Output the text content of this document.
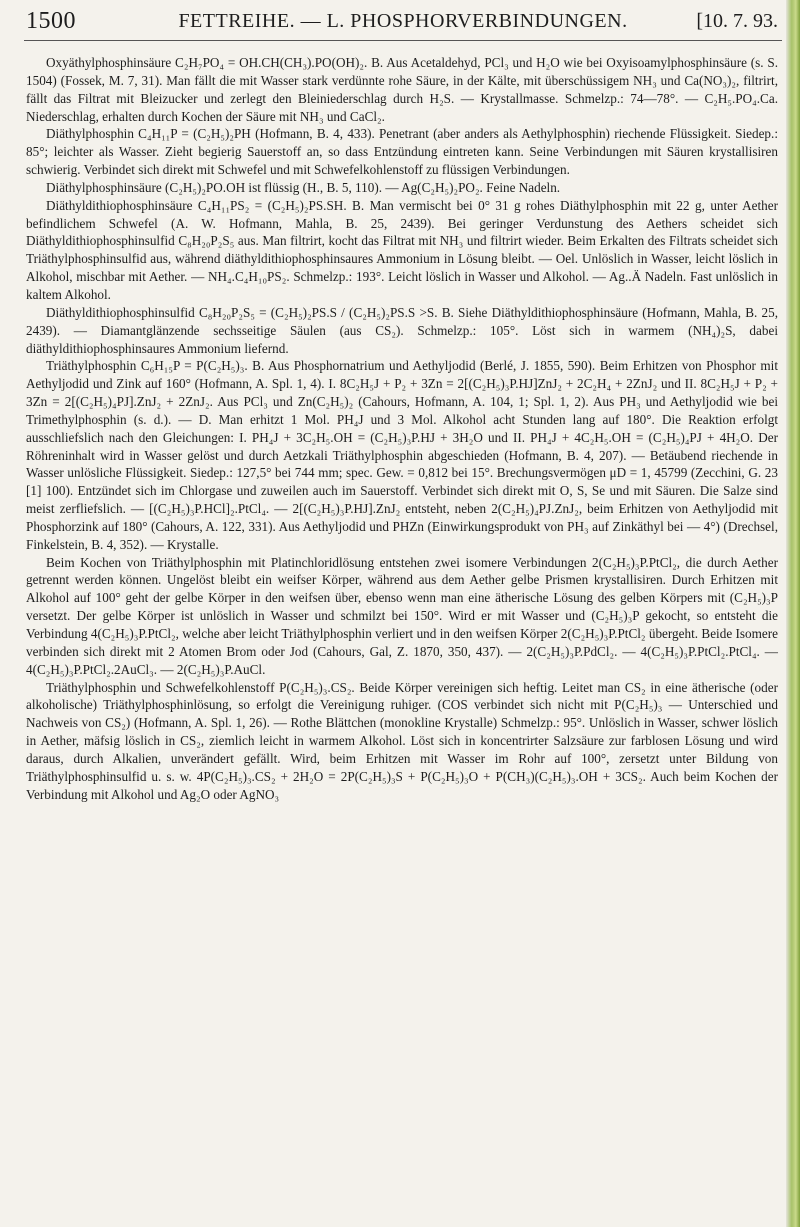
1500	FETTREIHE. — L. PHOSPHORVERBINDUNGEN.	[10. 7. 93.

Oxyäthylphosphinsäure C₂H₇PO₄ = OH.CH(CH₃).PO(OH)₂. B. Aus Acetaldehyd, PCl₃ und H₂O wie bei Oxyisoamylphosphinsäure (s. S. 1504) (Fossek, M. 7, 31). Man fällt die mit Wasser stark verdünnte rohe Säure, in der Kälte, mit überschüssigem NH₃ und Ca(NO₃)₂, filtrirt, fällt das Filtrat mit Bleizucker und zerlegt den Bleiniederschlag durch H₂S. — Krystallmasse. Schmelzp.: 74—78°. — C₂H₅.PO₄.Ca. Niederschlag, erhalten durch Kochen der Säure mit NH₃ und CaCl₂.

Diäthylphosphin C₄H₁₁P = (C₂H₅)₂PH (Hofmann, B. 4, 433). Penetrant (aber anders als Aethylphosphin) riechende Flüssigkeit. Siedep.: 85°; leichter als Wasser. Zieht begierig Sauerstoff an, so dass Entzündung eintreten kann. Seine Verbindungen mit Säuren krystallisiren schwierig. Verbindet sich direkt mit Schwefel und mit Schwefelkohlenstoff zu flüssigen Verbindungen.

Diäthylphosphinsäure (C₂H₅)₂PO.OH ist flüssig (H., B. 5, 110). — Ag(C₂H₅)₂PO₂. Feine Nadeln.

Diäthyldithiophosphinsäure C₄H₁₁PS₂ = (C₂H₅)₂PS.SH. B. Man vermischt bei 0° 31 g rohes Diäthylphosphin mit 22 g, unter Aether befindlichem Schwefel (A. W. Hofmann, Mahla, B. 25, 2439). Bei geringer Verdunstung des Aethers scheidet sich Diäthyldithiophosphinsulfid C₈H₂₀P₂S₅ aus. Man filtrirt, kocht das Filtrat mit NH₃ und filtrirt wieder. Beim Erkalten des Filtrats scheidet sich Triäthylphosphinsulfid aus, während diäthyldithiophosphinsaures Ammonium in Lösung bleibt. — Oel. Unlöslich in Wasser, leicht löslich in Alkohol, mischbar mit Aether. — NH₄.C₄H₁₀PS₂. Schmelzp.: 193°. Leicht löslich in Wasser und Alkohol. — Ag..Ä Nadeln. Fast unlöslich in kaltem Alkohol.

Diäthyldithiophosphinsulfid C₈H₂₀P₂S₅ = (C₂H₅)₂PS.S / (C₂H₅)₂PS.S >S. B. Siehe Diäthyldithiophosphinsäure (Hofmann, Mahla, B. 25, 2439). — Diamantglänzende sechsseitige Säulen (aus CS₂). Schmelzp.: 105°. Löst sich in warmem (NH₄)₂S, dabei diäthyldithiophosphinsaures Ammonium liefernd.

Triäthylphosphin C₆H₁₅P = P(C₂H₅)₃. B. Aus Phosphornatrium und Aethyljodid (Berlé, J. 1855, 590). Beim Erhitzen von Phosphor mit Aethyljodid und Zink auf 160° (Hofmann, A. Spl. 1, 4). I. 8C₂H₅J + P₂ + 3Zn = 2[(C₂H₅)₃P.HJ]ZnJ₂ + 2C₂H₄ + 2ZnJ₂ und II. 8C₂H₅J + P₂ + 3Zn = 2[(C₂H₅)₄PJ].ZnJ₂ + 2ZnJ₂. Aus PCl₃ und Zn(C₂H₅)₂ (Cahours, Hofmann, A. 104, 1; Spl. 1, 2). Aus PH₃ und Aethyljodid wie bei Trimethylphosphin (s. d.). — D. Man erhitzt 1 Mol. PH₄J und 3 Mol. Alkohol acht Stunden lang auf 180°. Die Reaktion erfolgt ausschliefslich nach den Gleichungen: I. PH₄J + 3C₂H₅.OH = (C₂H₅)₃P.HJ + 3H₂O und II. PH₄J + 4C₂H₅.OH = (C₂H₅)₄PJ + 4H₂O. Der Röhreninhalt wird in Wasser gelöst und durch Aetzkali Triäthylphosphin abgeschieden (Hofmann, B. 4, 207). — Betäubend riechende in Wasser unlösliche Flüssigkeit. Siedep.: 127,5° bei 744 mm; spec. Gew. = 0,812 bei 15°. Brechungsvermögen μD = 1, 45799 (Zecchini, G. 23 [1] 100). Entzündet sich im Chlorgase und zuweilen auch im Sauerstoff. Verbindet sich direkt mit O, S, Se und mit Säuren. Die Salze sind meist zerfliefslich. — [(C₂H₅)₃P.HCl]₂.PtCl₄. — 2[(C₂H₅)₃P.HJ].ZnJ₂ entsteht, neben 2(C₂H₅)₄PJ.ZnJ₂, beim Erhitzen von Aethyljodid mit Phosphorzink auf 180° (Cahours, A. 122, 331). Aus Aethyljodid und PHZn (Einwirkungsprodukt von PH₃ auf Zinkäthyl bei — 4°) (Drechsel, Finkelstein, B. 4, 352). — Krystalle.

Beim Kochen von Triäthylphosphin mit Platinchloridlösung entstehen zwei isomere Verbindungen 2(C₂H₅)₃P.PtCl₂, die durch Aether getrennt werden können. Ungelöst bleibt ein weifser Körper, während aus dem Aether gelbe Prismen krystallisiren. Durch Erhitzen mit Alkohol auf 100° geht der gelbe Körper in den weifsen über, ebenso wenn man eine ätherische Lösung des gelben Körpers mit (C₂H₅)₃P versetzt. Der gelbe Körper ist unlöslich in Wasser und schmilzt bei 150°. Wird er mit Wasser und (C₂H₅)₃P gekocht, so entsteht die Verbindung 4(C₂H₅)₃P.PtCl₂, welche aber leicht Triäthylphosphin verliert und in den weifsen Körper 2(C₂H₅)₃P.PtCl₂ übergeht. Beide Isomere verbinden sich direkt mit 2 Atomen Brom oder Jod (Cahours, Gal, Z. 1870, 350, 437). — 2(C₂H₅)₃P.PdCl₂. — 4(C₂H₅)₃P.PtCl₂.PtCl₄. — 4(C₂H₅)₃P.PtCl₂.2AuCl₃. — 2(C₂H₅)₃P.AuCl.

Triäthylphosphin und Schwefelkohlenstoff P(C₂H₅)₃.CS₂. Beide Körper vereinigen sich heftig. Leitet man CS₂ in eine ätherische (oder alkoholische) Triäthylphosphinlösung, so erfolgt die Vereinigung ruhiger. (COS verbindet sich nicht mit P(C₂H₅)₃ — Unterschied und Nachweis von CS₂) (Hofmann, A. Spl. 1, 26). — Rothe Blättchen (monokline Krystalle) Schmelzp.: 95°. Unlöslich in Wasser, schwer löslich in Aether, mäfsig löslich in CS₂, ziemlich leicht in warmem Alkohol. Löst sich in koncentrirter Salzsäure zur farblosen Lösung und wird daraus, durch Alkalien, unverändert gefällt. Wird, beim Erhitzen mit Wasser im Rohr auf 100°, zersetzt unter Bildung von Triäthylphosphinsulfid u. s. w. 4P(C₂H₅)₃.CS₂ + 2H₂O = 2P(C₂H₅)₃S + P(C₂H₅)₃O + P(CH₃)(C₂H₅)₃.OH + 3CS₂. Auch beim Kochen der Verbindung mit Alkohol und Ag₂O oder AgNO₃
